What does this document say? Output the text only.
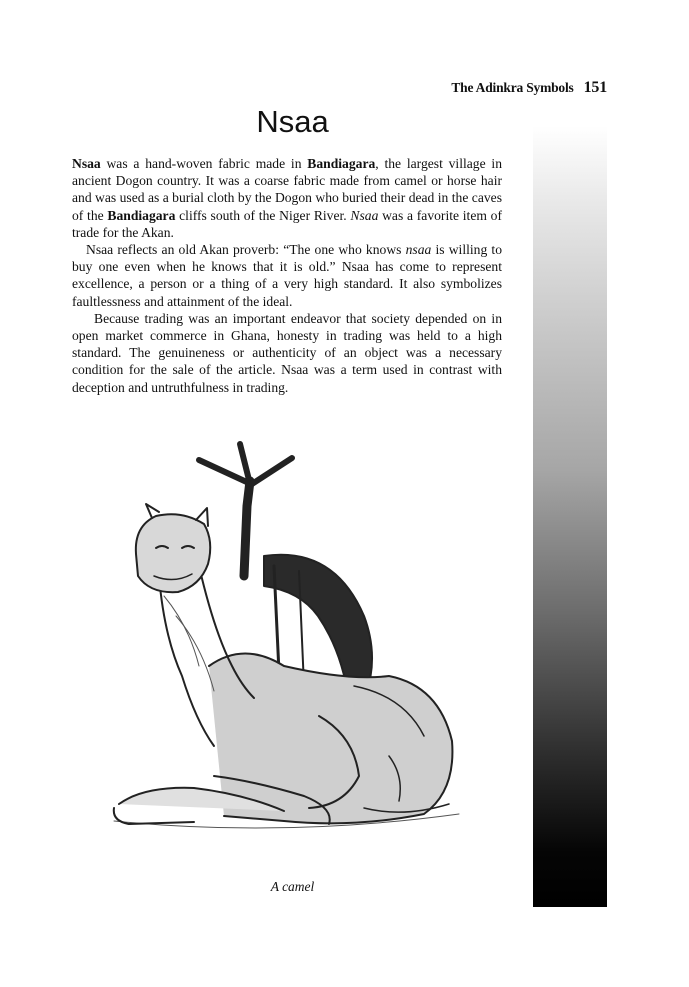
The Adinkra Symbols 151
Nsaa

Nsaa was a hand-woven fabric made in Bandiagara, the largest village in ancient Dogon country. It was a coarse fabric made from camel or horse hair and was used as a burial cloth by the Dogon who buried their dead in the caves of the Bandiagara cliffs south of the Niger River. Nsaa was a favorite item of trade for the Akan.

Nsaa reflects an old Akan proverb: “The one who knows nsaa is willing to buy one even when he knows that it is old.” Nsaa has come to represent excellence, a person or a thing of a very high standard. It also symbolizes faultlessness and attainment of the ideal.

Because trading was an important endeavor that society depended on in open market commerce in Ghana, honesty in trading was held to a high standard. The genuineness or authenticity of an object was a necessary condition for the sale of the article. Nsaa was a term used in contrast with deception and untruthfulness in trading.

A camel
